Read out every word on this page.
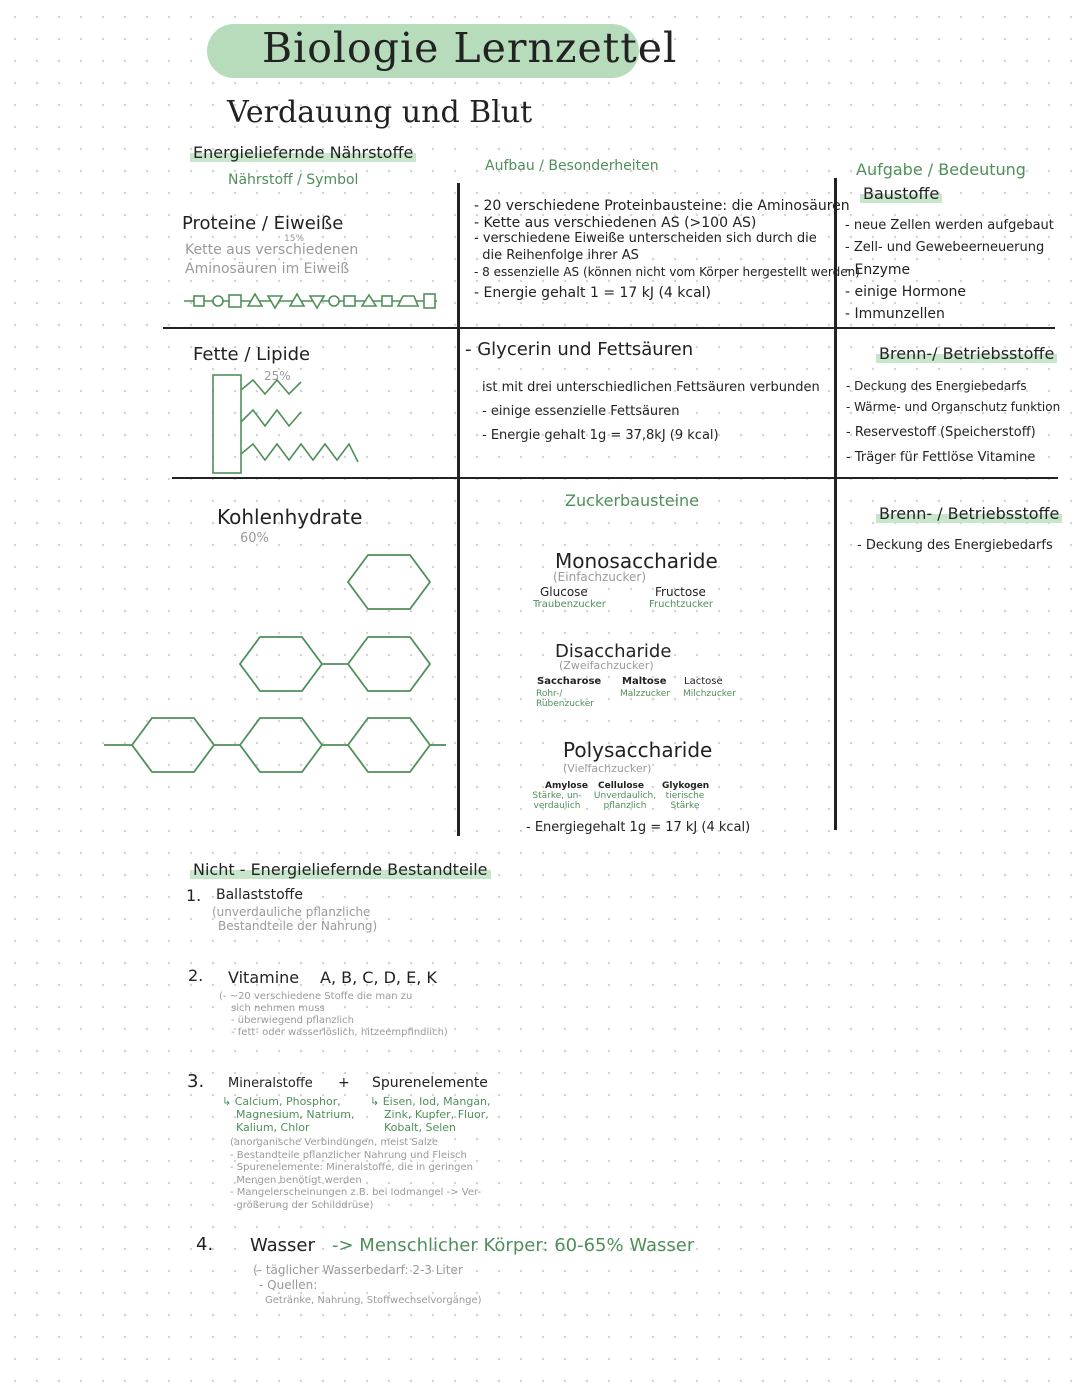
Biologie Lernzettel
Verdauung und Blut
Energieliefernde Nährstoffe
Nährstoff / Symbol
Aufbau / Besonderheiten	Aufgabe / Bedeutung
Proteine / Eiweiße
15%
Kette aus verschiedenen
Aminosäuren im Eiweiß
- 20 verschiedene Proteinbausteine: die Aminosäuren
- Kette aus verschiedenen AS (>100 AS)
- verschiedene Eiweiße unterscheiden sich durch die
die Reihenfolge ihrer AS
- 8 essenzielle AS (können nicht vom Körper hergestellt werden)
- Energie gehalt 1 = 17 kJ (4 kcal)
Baustoffe
- neue Zellen werden aufgebaut
- Zell- und Gewebeerneuerung
- Enzyme
- einige Hormone
- Immunzellen
Fette / Lipide
25%
- Glycerin und Fettsäuren
ist mit drei unterschiedlichen Fettsäuren verbunden
- einige essenzielle Fettsäuren
- Energie gehalt 1g = 37,8kJ (9 kcal)
Brenn-/ Betriebsstoffe
- Deckung des Energiebedarfs
- Wärme- und Organschutz funktion
- Reservestoff (Speicherstoff)
- Träger für Fettlöse Vitamine
Kohlenhydrate
60%
Zuckerbausteine
Monosaccharide
(Einfachzucker)
Glucose
Traubenzucker
Fructose
Fruchtzucker
Disaccharide
(Zweifachzucker)
Saccharose
Rohr-/ Rübenzucker
Maltose
Malzzucker
Lactose
Milchzucker
Polysaccharide
(Vielfachzucker)
Amylose
Stärke, un- verdaulich
Cellulose
Unverdaulich, pflanzlich
Glykogen
tierische Stärke
- Energiegehalt 1g = 17 kJ (4 kcal)
Brenn- / Betriebsstoffe
- Deckung des Energiebedarfs
Nicht - Energieliefernde Bestandteile
1. Ballaststoffe
(unverdauliche pflanzliche
Bestandteile der Nahrung)
2. Vitamine A, B, C, D, E, K
(- ~20 verschiedene Stoffe die man zu
sich nehmen muss
- überwiegend pflanzlich
- fett- oder wasserlöslich, hitzeempfindlich)
3. Mineralstoffe + Spurenelemente
↳ Calcium, Phosphor,
Magnesium, Natrium,
Kalium, Chlor
↳ Eisen, Iod, Mangan,
Zink, Kupfer, Fluor,
Kobalt, Selen
(anorganische Verbindungen, meist Salze
- Bestandteile pflanzlicher Nahrung und Fleisch
- Spurenelemente: Mineralstoffe, die in geringen
Mengen benötigt werden
- Mangelerscheinungen z.B. bei Iodmangel -> Ver-
größerung der Schilddrüse)
4. Wasser -> Menschlicher Körper: 60-65% Wasser
(- täglicher Wasserbedarf: 2-3 Liter
- Quellen:
Getränke, Nahrung, Stoffwechselvorgänge)
